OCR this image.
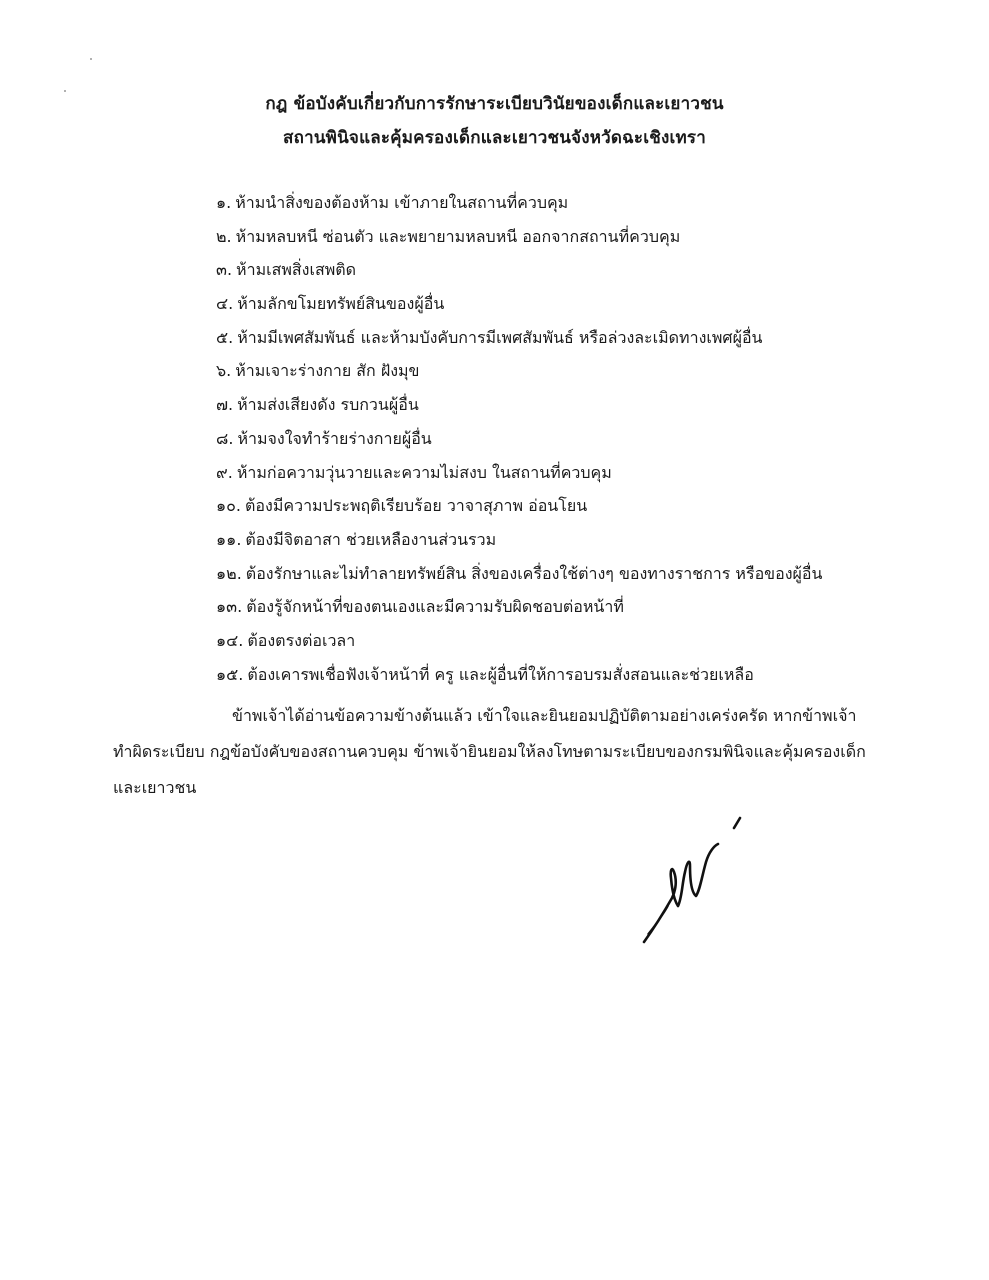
กฎ ข้อบังคับเกี่ยวกับการรักษาระเบียบวินัยของเด็กและเยาวชน
สถานพินิจและคุ้มครองเด็กและเยาวชนจังหวัดฉะเชิงเทรา
๑. ห้ามนำสิ่งของต้องห้าม เข้าภายในสถานที่ควบคุม
๒. ห้ามหลบหนี ซ่อนตัว และพยายามหลบหนี ออกจากสถานที่ควบคุม
๓. ห้ามเสพสิ่งเสพติด
๔. ห้ามลักขโมยทรัพย์สินของผู้อื่น
๕. ห้ามมีเพศสัมพันธ์ และห้ามบังคับการมีเพศสัมพันธ์ หรือล่วงละเมิดทางเพศผู้อื่น
๖. ห้ามเจาะร่างกาย สัก ฝังมุข
๗. ห้ามส่งเสียงดัง รบกวนผู้อื่น
๘. ห้ามจงใจทำร้ายร่างกายผู้อื่น
๙. ห้ามก่อความวุ่นวายและความไม่สงบ ในสถานที่ควบคุม
๑๐. ต้องมีความประพฤติเรียบร้อย วาจาสุภาพ อ่อนโยน
๑๑. ต้องมีจิตอาสา ช่วยเหลืองานส่วนรวม
๑๒. ต้องรักษาและไม่ทำลายทรัพย์สิน สิ่งของเครื่องใช้ต่างๆ ของทางราชการ หรือของผู้อื่น
๑๓. ต้องรู้จักหน้าที่ของตนเองและมีความรับผิดชอบต่อหน้าที่
๑๔. ต้องตรงต่อเวลา
๑๕. ต้องเคารพเชื่อฟังเจ้าหน้าที่ ครู และผู้อื่นที่ให้การอบรมสั่งสอนและช่วยเหลือ
ข้าพเจ้าได้อ่านข้อความข้างต้นแล้ว เข้าใจและยินยอมปฏิบัติตามอย่างเคร่งครัด หากข้าพเจ้า
ทำผิดระเบียบ กฎข้อบังคับของสถานควบคุม ข้าพเจ้ายินยอมให้ลงโทษตามระเบียบของกรมพินิจและคุ้มครองเด็ก
และเยาวชน
